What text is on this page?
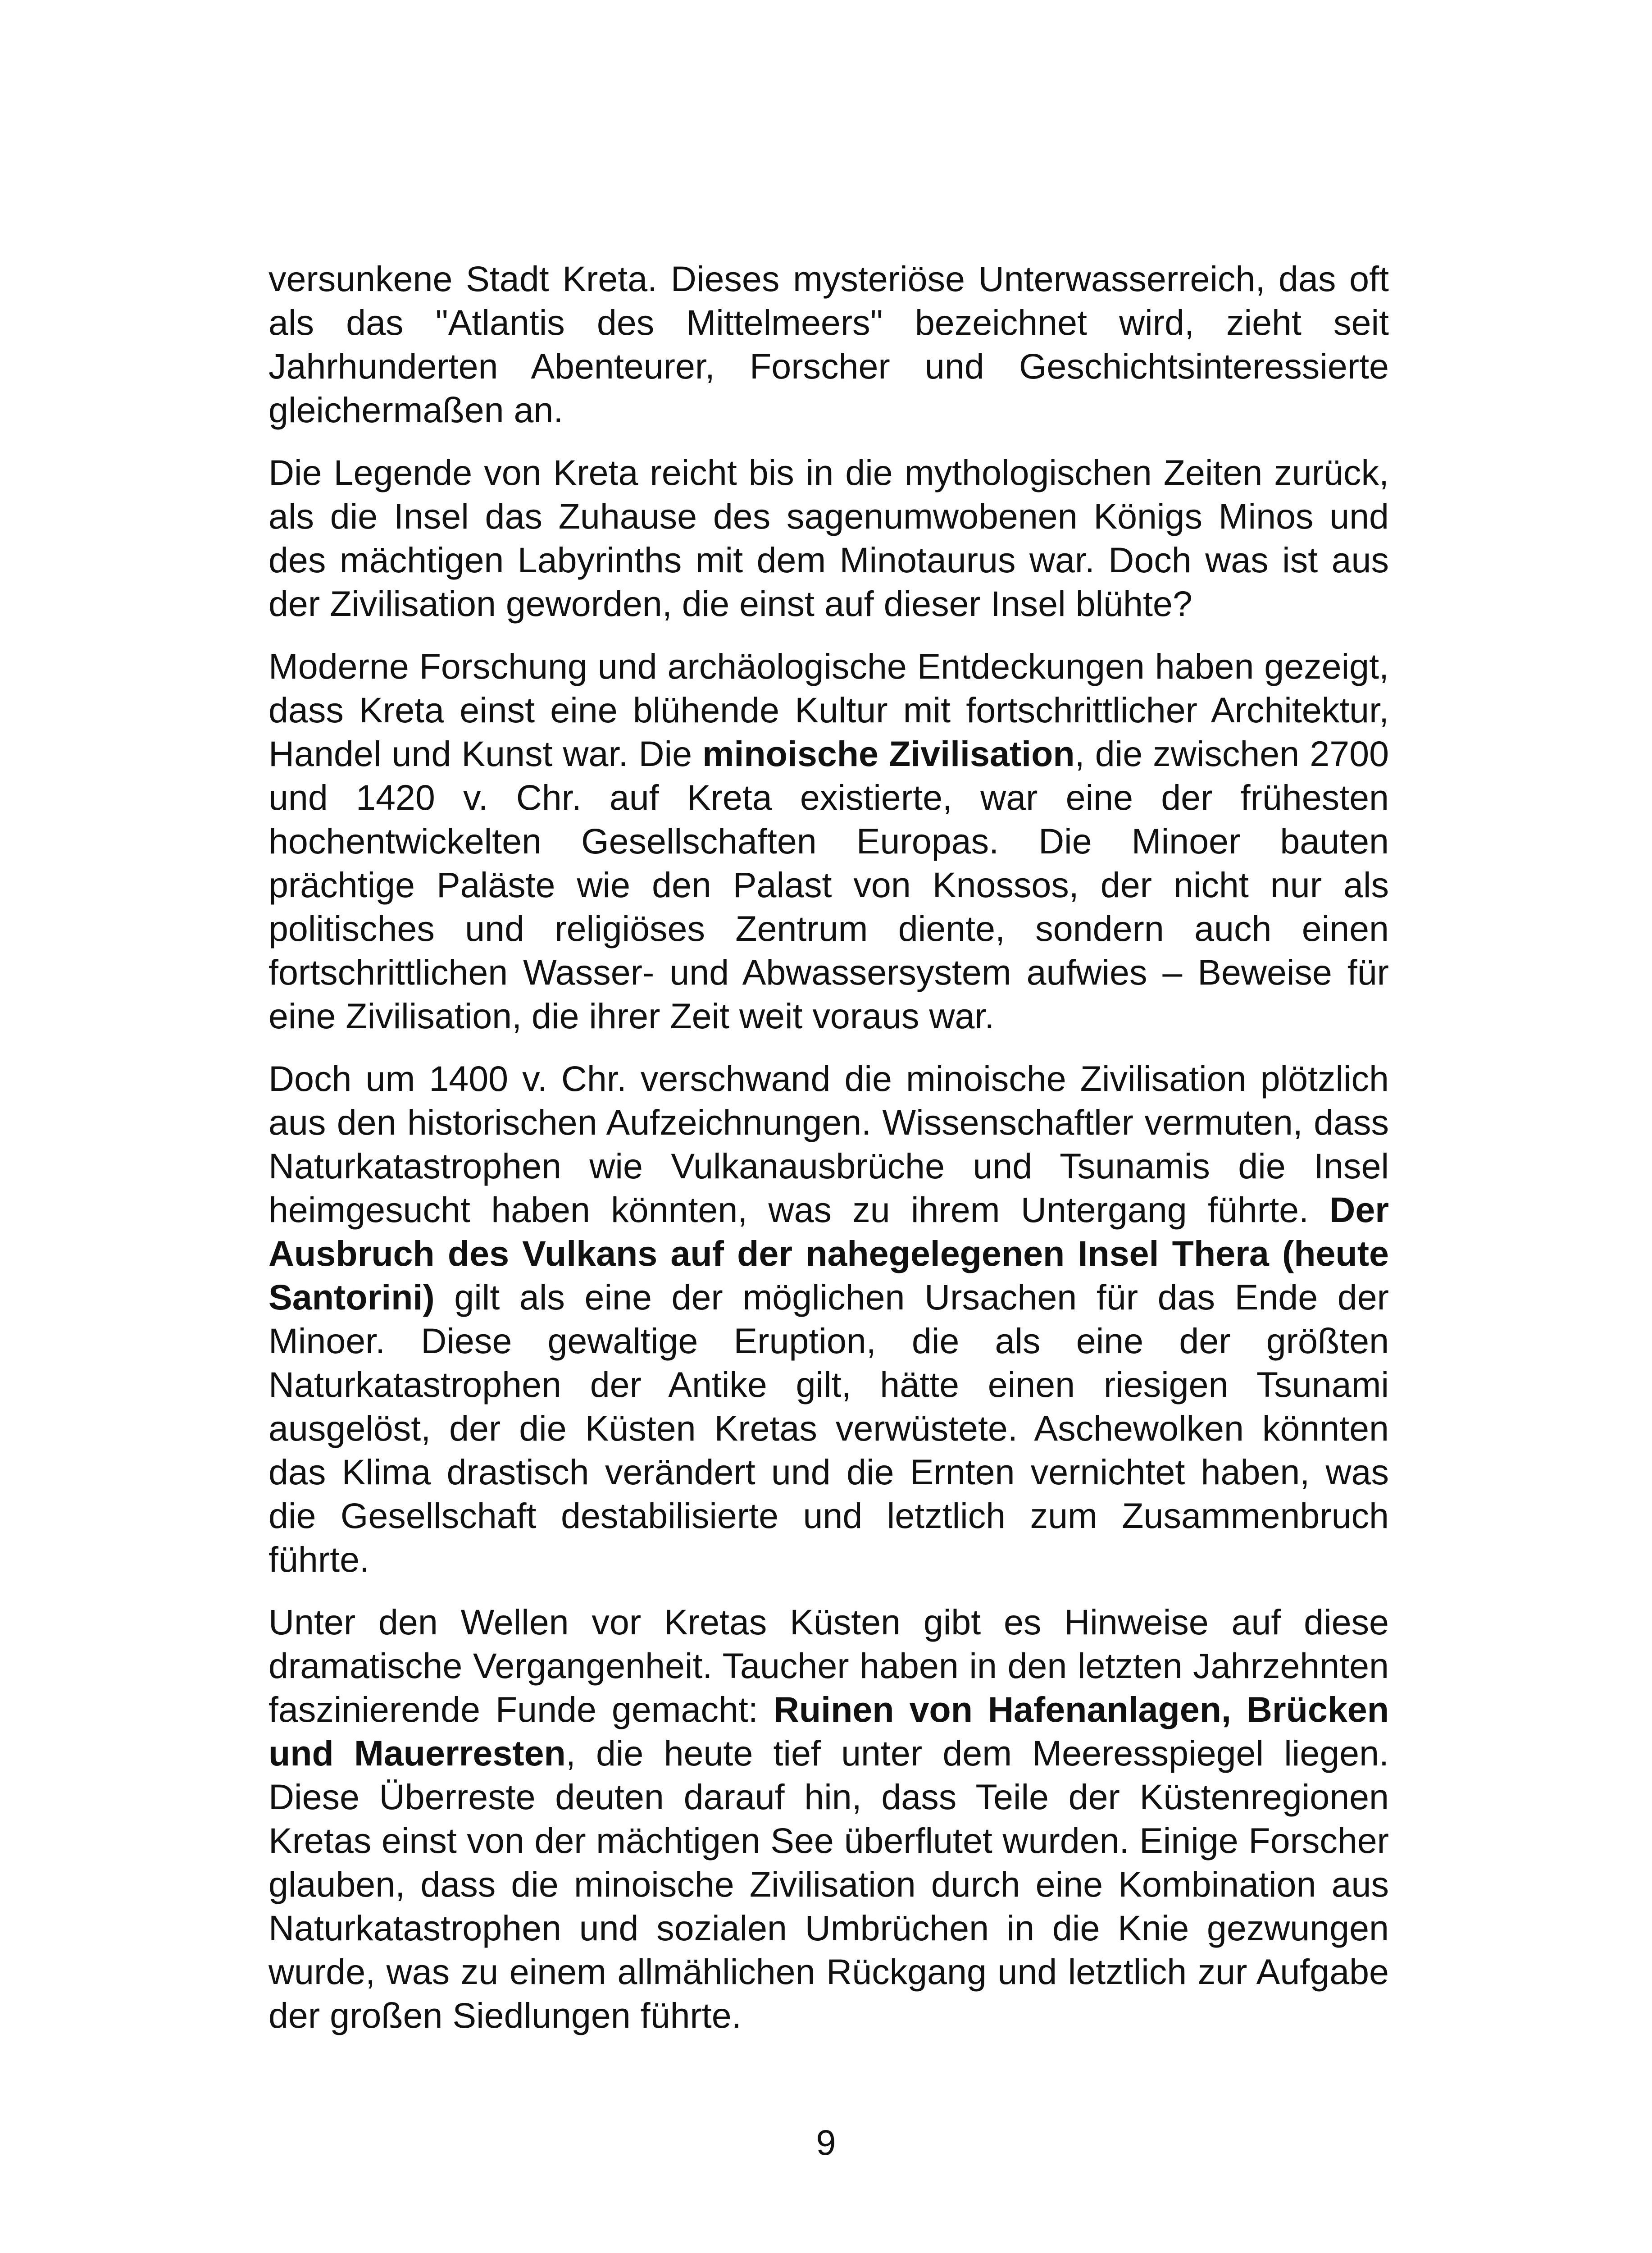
versunkene Stadt Kreta. Dieses mysteriöse Unterwasserreich, das oft als das "Atlantis des Mittelmeers" bezeichnet wird, zieht seit Jahrhunderten Abenteurer, Forscher und Geschichtsinteressierte gleichermaßen an.

Die Legende von Kreta reicht bis in die mythologischen Zeiten zurück, als die Insel das Zuhause des sagenumwobenen Königs Minos und des mächtigen Labyrinths mit dem Minotaurus war. Doch was ist aus der Zivilisation geworden, die einst auf dieser Insel blühte?

Moderne Forschung und archäologische Entdeckungen haben gezeigt, dass Kreta einst eine blühende Kultur mit fortschrittlicher Architektur, Handel und Kunst war. Die minoische Zivilisation, die zwischen 2700 und 1420 v. Chr. auf Kreta existierte, war eine der frühesten hochentwickelten Gesellschaften Europas. Die Minoer bauten prächtige Paläste wie den Palast von Knossos, der nicht nur als politisches und religiöses Zentrum diente, sondern auch einen fortschrittlichen Wasser- und Abwassersystem aufwies – Beweise für eine Zivilisation, die ihrer Zeit weit voraus war.

Doch um 1400 v. Chr. verschwand die minoische Zivilisation plötzlich aus den historischen Aufzeichnungen. Wissenschaftler vermuten, dass Naturkatastrophen wie Vulkanausbrüche und Tsunamis die Insel heimgesucht haben könnten, was zu ihrem Untergang führte. Der Ausbruch des Vulkans auf der nahegelegenen Insel Thera (heute Santorini) gilt als eine der möglichen Ursachen für das Ende der Minoer. Diese gewaltige Eruption, die als eine der größten Naturkatastrophen der Antike gilt, hätte einen riesigen Tsunami ausgelöst, der die Küsten Kretas verwüstete. Aschewolken könnten das Klima drastisch verändert und die Ernten vernichtet haben, was die Gesellschaft destabilisierte und letztlich zum Zusammenbruch führte.

Unter den Wellen vor Kretas Küsten gibt es Hinweise auf diese dramatische Vergangenheit. Taucher haben in den letzten Jahrzehnten faszinierende Funde gemacht: Ruinen von Hafenanlagen, Brücken und Mauerresten, die heute tief unter dem Meeresspiegel liegen. Diese Überreste deuten darauf hin, dass Teile der Küstenregionen Kretas einst von der mächtigen See überflutet wurden. Einige Forscher glauben, dass die minoische Zivilisation durch eine Kombination aus Naturkatastrophen und sozialen Umbrüchen in die Knie gezwungen wurde, was zu einem allmählichen Rückgang und letztlich zur Aufgabe der großen Siedlungen führte.

9
